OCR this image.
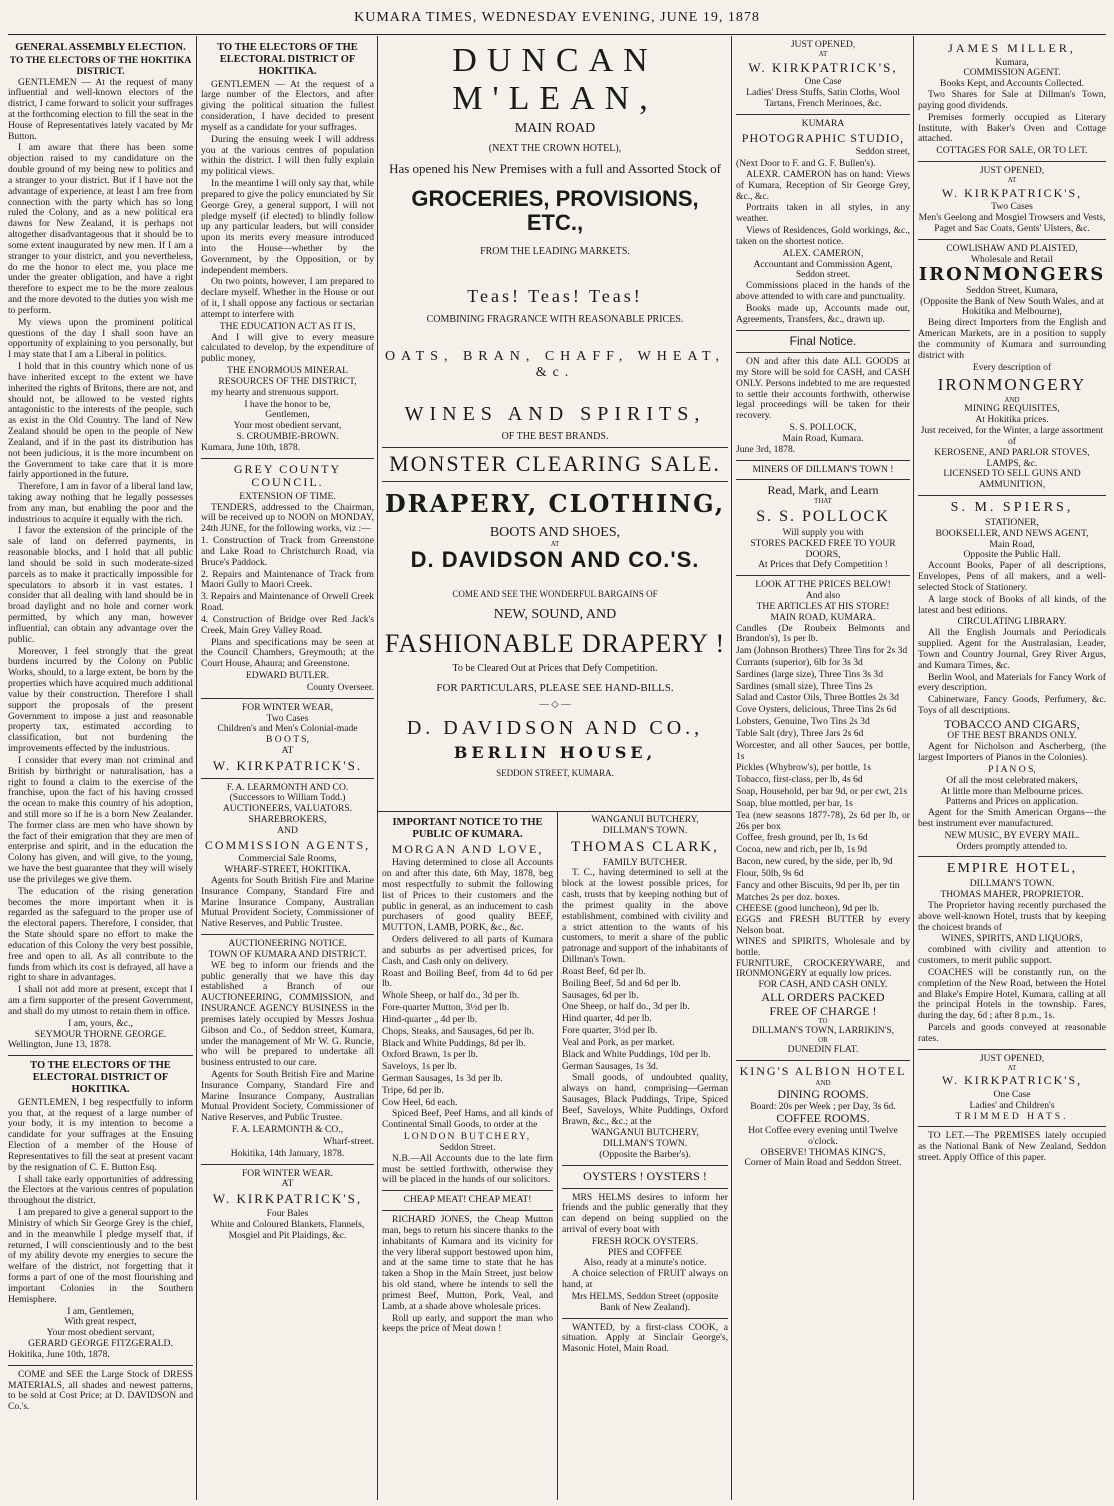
KUMARA TIMES, WEDNESDAY EVENING, JUNE 19, 1878
GENERAL ASSEMBLY ELECTION.
TO THE ELECTORS OF THE HOKITIKA DISTRICT.
GENTLEMEN — At the request of many influential and well-known electors of the district, I came forward to solicit your suffrages at the forthcoming election to fill the seat in the House of Representatives lately vacated by Mr Button.
I am aware that there has been some objection raised to my candidature on the double ground of my being new to politics and a stranger to your district. But if I have not the advantage of experience, at least I am free from connection with the party which has so long ruled the Colony, and as a new political era dawns for New Zealand, it is perhaps not altogether disadvantageous that it should be to some extent inaugurated by new men. If I am a stranger to your district, and you nevertheless, do me the honor to elect me, you place me under the greater obligation, and have a right therefore to expect me to be the more zealous and the more devoted to the duties you wish me to perform.
My views upon the prominent political questions of the day I shall soon have an opportunity of explaining to you personally, but I may state that I am a Liberal in politics.
I hold that in this country which none of us have inherited except to the extent we have inherited the rights of Britons, there are not, and should not, be allowed to be vested rights antagonistic to the interests of the people, such as exist in the Old Country. The land of New Zealand should be open to the people of New Zealand, and if in the past its distribution has not been judicious, it is the more incumbent on the Government to take care that it is more fairly apportioned in the future.
Therefore, I am in favor of a liberal land law, taking away nothing that he legally possesses from any man, but enabling the poor and the industrious to acquire it equally with the rich.
I favor the extension of the principle of the sale of land on deferred payments, in reasonable blocks, and I hold that all public land should be sold in such moderate-sized parcels as to make it practically impossible for speculators to absorb it in vast estates. I consider that all dealing with land should be in broad daylight and no hole and corner work permitted, by which any man, however influential, can obtain any advantage over the public.
Moreover, I feel strongly that the great burdens incurred by the Colony on Public Works, should, to a large extent, be born by the properties which have acquired much additional value by their construction. Therefore I shall support the proposals of the present Government to impose a just and reasonable property tax, estimated according to classification, but not burdening the improvements effected by the industrious.
I consider that every man not criminal and British by birthright or naturalisation, has a right to found a claim to the exercise of the franchise, upon the fact of his having crossed the ocean to make this country of his adoption, and still more so if he is a born New Zealander. The former class are men who have shown by the fact of their emigration that they are men of enterprise and spirit, and in the education the Colony has given, and will give, to the young, we have the best guarantee that they will wisely use the privileges we give them.
The education of the rising generation becomes the more important when it is regarded as the safeguard to the proper use of the electoral papers. Therefore, I consider, that the State should spare no effort to make the education of this Colony the very best possible, free and open to all. As all contribute to the funds from which its cost is defrayed, all have a right to share in advantages.
I shall not add more at present, except that I am a firm supporter of the present Government, and shall do my utmost to retain them in office.
I am, yours, &c.,
SEYMOUR THORNE GEORGE.
Wellington, June 13, 1878.
TO THE ELECTORS OF THE ELECTORAL DISTRICT OF HOKITIKA.
GENTLEMEN, I beg respectfully to inform you that, at the request of a large number of your body, it is my intention to become a candidate for your suffrages at the Ensuing Election of a member of the House of Representatives to fill the seat at present vacant by the resignation of C. E. Button Esq.
I shall take early opportunities of addressing the Electors at the various centres of population throughout the district.
I am prepared to give a general support to the Ministry of which Sir George Grey is the chief, and in the meanwhile I pledge myself that, if returned, I will conscientiously and to the best of my ability devote my energies to secure the welfare of the district, not forgetting that it forms a part of one of the most flourishing and important Colonies in the Southern Hemisphere.
I am, Gentlemen,
With great respect,
Your most obedient servant,
GERARD GEORGE FITZGERALD.
Hokitika, June 10th, 1878.
COME and SEE the Large Stock of DRESS MATERIALS, all shades and newest patterns, to be sold at Cost Price; at D. DAVIDSON and Co.'s.
TO THE ELECTORS OF THE ELECTORAL DISTRICT OF HOKITIKA.
GENTLEMEN — At the request of a large number of the Electors, and after giving the political situation the fullest consideration, I have decided to present myself as a candidate for your suffrages.
During the ensuing week I will address you at the various centres of population within the district. I will then fully explain my political views.
In the meantime I will only say that, while prepared to give the policy enunciated by Sir George Grey, a general support, I will not pledge myself (if elected) to blindly follow up any particular leaders, but will consider upon its merits every measure introduced into the House—whether by the Government, by the Opposition, or by independent members.
On two points, however, I am prepared to declare myself. Whether in the House or out of it, I shall oppose any factious or sectarian attempt to interfere with
THE EDUCATION ACT AS IT IS,
And I will give to every measure calculated to develop, by the expenditure of public money,
THE ENORMOUS MINERAL RESOURCES OF THE DISTRICT,
my hearty and strenuous support.
I have the honor to be,
Gentlemen,
Your most obedient servant,
S. CROUMBIE-BROWN.
Kumara, June 10th, 1878.
GREY COUNTY COUNCIL.
EXTENSION OF TIME.
TENDERS, addressed to the Chairman, will be received up to NOON on MONDAY, 24th JUNE, for the following works, viz :—
1. Construction of Track from Greenstone and Lake Road to Christchurch Road, via Bruce's Paddock.
2. Repairs and Maintenance of Track from Maori Gully to Maori Creek.
3. Repairs and Maintenance of Orwell Creek Road.
4. Construction of Bridge over Red Jack's Creek, Main Grey Valley Road.
Plans and specifications may be seen at the Council Chambers, Greymouth; at the Court House, Ahaura; and Greenstone.
EDWARD BUTLER.
County Overseer.
FOR WINTER WEAR,
Two Cases
Children's and Men's Colonial-made
B O O T S,
AT
W. KIRKPATRICK'S.
F. A. LEARMONTH AND CO.
(Successors to William Todd.)
AUCTIONEERS, VALUATORS. SHAREBROKERS,
AND
COMMISSION AGENTS,
Commercial Sale Rooms,
WHARF-STREET, HOKITIKA.
Agents for South British Fire and Marine Insurance Company, Standard Fire and Marine Insurance Company, Australian Mutual Provident Society, Commissioner of Native Reserves, and Public Trustee.
AUCTIONEERING NOTICE.
TOWN OF KUMARA AND DISTRICT.
WE beg to inform our friends and the public generally that we have this day established a Branch of our AUCTIONEERING, COMMISSION, and INSURANCE AGENCY BUSINESS in the premises lately occupied by Messrs Joshua Gibson and Co., of Seddon street, Kumara, under the management of Mr W. G. Runcie, who will be prepared to undertake all business entrusted to our care.
Agents for South British Fire and Marine Insurance Company, Standard Fire and Marine Insurance Company, Australian Mutual Provident Society, Commissioner of Native Reserves, and Public Trustee.
F. A. LEARMONTH & CO.,
Wharf-street.
Hokitika, 14th January, 1878.
FOR WINTER WEAR.
AT
W. KIRKPATRICK'S,
Four Bales
White and Coloured Blankets, Flannels, Mosgiel and Pit Plaidings, &c.
DUNCAN M'LEAN,
MAIN ROAD
(NEXT THE CROWN HOTEL),
Has opened his New Premises with a full and Assorted Stock of
GROCERIES, PROVISIONS, ETC.,
FROM THE LEADING MARKETS.
Teas! Teas! Teas!
COMBINING FRAGRANCE WITH REASONABLE PRICES.
OATS, BRAN, CHAFF, WHEAT, &c.
WINES AND SPIRITS,
OF THE BEST BRANDS.
MONSTER CLEARING SALE.
DRAPERY, CLOTHING,
BOOTS AND SHOES,
AT
D. DAVIDSON AND CO.'S.
COME AND SEE THE WONDERFUL BARGAINS OF
NEW, SOUND, AND
FASHIONABLE DRAPERY !
To be Cleared Out at Prices that Defy Competition.
FOR PARTICULARS, PLEASE SEE HAND-BILLS.
— ◇ —
D. DAVIDSON AND CO.,
BERLIN HOUSE,
SEDDON STREET, KUMARA.
IMPORTANT NOTICE TO THE PUBLIC OF KUMARA.
MORGAN AND LOVE,
Having determined to close all Accounts on and after this date, 6th May, 1878, beg most respectfully to submit the following list of Prices to their customers and the public in general, as an inducement to cash purchasers of good quality BEEF, MUTTON, LAMB, PORK, &c., &c.
Orders delivered to all parts of Kumara and suburbs as per advertised prices, for Cash, and Cash only on delivery.
Roast and Boiling Beef, from 4d to 6d per lb.
Whole Sheep, or half do., 3d per lb.
Fore-quarter Mutton, 3½d per lb.
Hind-quarter „ 4d per lb.
Chops, Steaks, and Sausages, 6d per lb.
Black and White Puddings, 8d per lb.
Oxford Brawn, 1s per lb.
Saveloys, 1s per lb.
German Sausages, 1s 3d per lb.
Tripe, 6d per lb.
Cow Heel, 6d each.
Spiced Beef, Peef Hams, and all kinds of Continental Small Goods, to order at the
LONDON BUTCHERY,
Seddon Street.
N.B.—All Accounts due to the late firm must be settled forthwith, otherwise they will be placed in the hands of our solicitors.
CHEAP MEAT! CHEAP MEAT!
RICHARD JONES, the Cheap Mutton man, begs to return his sincere thanks to the inhabitants of Kumara and its vicinity for the very liberal support bestowed upon him, and at the same time to state that he has taken a Shop in the Main Street, just below his old stand, where he intends to sell the primest Beef, Mutton, Pork, Veal, and Lamb, at a shade above wholesale prices.
Roll up early, and support the man who keeps the price of Meat down !
WANGANUI BUTCHERY,
DILLMAN'S TOWN.
THOMAS CLARK,
FAMILY BUTCHER.
T. C., having determined to sell at the block at the lowest possible prices, for cash, trusts that by keeping nothing but of the primest quality in the above establishment, combined with civility and a strict attention to the wants of his customers, to merit a share of the public patronage and support of the inhabitants of Dillman's Town.
Roast Beef, 6d per lb.
Boiling Beef, 5d and 6d per lb.
Sausages, 6d per lb.
One Sheep, or half do., 3d per lb.
Hind quarter, 4d per lb.
Fore quarter, 3½d per lb.
Veal and Pork, as per market.
Black and White Puddings, 10d per lb.
German Sausages, 1s 3d.
Small goods, of undoubted quality, always on hand, comprising—German Sausages, Black Puddings, Tripe, Spiced Beef, Saveloys, White Puddings, Oxford Brawn, &c., &c.; at the
WANGANUI BUTCHERY,
DILLMAN'S TOWN.
(Opposite the Barber's).
OYSTERS ! OYSTERS !
MRS HELMS desires to inform her friends and the public generally that they can depend on being supplied on the arrival of every boat with
FRESH ROCK OYSTERS.
PIES and COFFEE
Also, ready at a minute's notice.
A choice selection of FRUIT always on hand, at
Mrs HELMS, Seddon Street (opposite Bank of New Zealand).
WANTED, by a first-class COOK, a situation. Apply at Sinclair George's, Masonic Hotel, Main Road.
JUST OPENED,
AT
W. KIRKPATRICK'S,
One Case
Ladies' Dress Stuffs, Satin Cloths, Wool Tartans, French Merinoes, &c.
KUMARA
PHOTOGRAPHIC STUDIO,
Seddon street,
(Next Door to F. and G. F. Bullen's).
ALEXR. CAMERON has on hand: Views of Kumara, Reception of Sir George Grey, &c., &c.
Portraits taken in all styles, in any weather.
Views of Residences, Gold workings, &c., taken on the shortest notice.
ALEX. CAMERON,
Accountant and Commission Agent,
Seddon street.
Commissions placed in the hands of the above attended to with care and punctuality.
Books made up, Accounts made out, Agreements, Transfers, &c., drawn up.
Final Notice.
ON and after this date ALL GOODS at my Store will be sold for CASH, and CASH ONLY. Persons indebted to me are requested to settle their accounts forthwith, otherwise legal proceedings will be taken for their recovery.
S. S. POLLOCK,
Main Road, Kumara.
June 3rd, 1878.
MINERS OF DILLMAN'S TOWN !
Read, Mark, and Learn
THAT
S. S. POLLOCK
Will supply you with
STORES PACKED FREE TO YOUR DOORS,
At Prices that Defy Competition !
LOOK AT THE PRICES BELOW!
And also
THE ARTICLES AT HIS STORE!
MAIN ROAD, KUMARA.
Candles (De Roubeix Belmonts and Brandon's), 1s per lb.
Jam (Johnson Brothers) Three Tins for 2s 3d
Currants (superior), 6lb for 3s 3d
Sardines (large size), Three Tins 3s 3d
Sardines (small size), Three Tins 2s
Salad and Castor Oils, Three Bottles 2s 3d
Cove Oysters, delicious, Three Tins 2s 6d
Lobsters, Genuine, Two Tins 2s 3d
Table Salt (dry), Three Jars 2s 6d
Worcester, and all other Sauces, per bottle, 1s
Pickles (Whybrow's), per bottle, 1s
Tobacco, first-class, per lb, 4s 6d
Soap, Household, per bar 9d, or per cwt, 21s
Soap, blue mottled, per bar, 1s
Tea (new seasons 1877-78), 2s 6d per lb, or 26s per box
Coffee, fresh ground, per lb, 1s 6d
Cocoa, new and rich, per lb, 1s 9d
Bacon, new cured, by the side, per lb, 9d
Flour, 50lb, 9s 6d
Fancy and other Biscuits, 9d per lb, per tin
Matches 2s per doz. boxes.
CHEESE (good luncheon), 9d per lb.
EGGS and FRESH BUTTER by every Nelson boat.
WINES and SPIRITS, Wholesale and by bottle.
FURNITURE, CROCKERYWARE, and IRONMONGERY at equally low prices.
FOR CASH, AND CASH ONLY.
ALL ORDERS PACKED
FREE OF CHARGE !
TO
DILLMAN'S TOWN, LARRIKIN'S,
OR
DUNEDIN FLAT.
KING'S ALBION HOTEL
AND
DINING ROOMS.
Board: 20s per Week ; per Day, 3s 6d.
COFFEE ROOMS.
Hot Coffee every evening until Twelve o'clock.
OBSERVE! THOMAS KING'S,
Corner of Main Road and Seddon Street.
JAMES MILLER,
Kumara,
COMMISSION AGENT.
Books Kept, and Accounts Collected.
Two Shares for Sale at Dillman's Town, paying good dividends.
Premises formerly occupied as Literary Institute, with Baker's Oven and Cottage attached.
COTTAGES FOR SALE, OR TO LET.
JUST OPENED,
AT
W. KIRKPATRICK'S,
Two Cases
Men's Geelong and Mosgiel Trowsers and Vests, Paget and Sac Coats, Gents' Ulsters, &c.
COWLISHAW AND PLAISTED,
Wholesale and Retail
IRONMONGERS
Seddon Street, Kumara,
(Opposite the Bank of New South Wales, and at Hokitika and Melbourne),
Being direct Importers from the English and American Markets, are in a position to supply the community of Kumara and surrounding district with
Every description of
IRONMONGERY
AND
MINING REQUISITES,
At Hokitika prices.
Just received, for the Winter, a large assortment of
KEROSENE, AND PARLOR STOVES, LAMPS, &c.
LICENSED TO SELL GUNS AND AMMUNITION,
S. M. SPIERS,
STATIONER,
BOOKSELLER, AND NEWS AGENT,
Main Road,
Opposite the Public Hall.
Account Books, Paper of all descriptions, Envelopes, Pens of all makers, and a well-selected Stock of Stationery.
A large stock of Books of all kinds, of the latest and best editions.
CIRCULATING LIBRARY.
All the English Journals and Periodicals supplied. Agent for the Australasian, Leader, Town and Country Journal, Grey River Argus, and Kumara Times, &c.
Berlin Wool, and Materials for Fancy Work of every description.
Cabinetware, Fancy Goods, Perfumery, &c. Toys of all descriptions.
TOBACCO AND CIGARS,
OF THE BEST BRANDS ONLY.
Agent for Nicholson and Ascherberg, (the largest Importers of Pianos in the Colonies).
P I A N O S,
Of all the most celebrated makers,
At little more than Melbourne prices.
Patterns and Prices on application.
Agent for the Smith American Organs—the best instrument ever manufactured.
NEW MUSIC, BY EVERY MAIL.
Orders promptly attended to.
EMPIRE HOTEL,
DILLMAN'S TOWN.
THOMAS MAHER, PROPRIETOR.
The Proprietor having recently purchased the above well-known Hotel, trusts that by keeping the choicest brands of
WINES, SPIRITS, AND LIQUORS,
combined with civility and attention to customers, to merit public support.
COACHES will be constantly run, on the completion of the New Road, between the Hotel and Blake's Empire Hotel, Kumara, calling at all the principal Hotels in the township. Fares, during the day, 6d ; after 8 p.m., 1s.
Parcels and goods conveyed at reasonable rates.
JUST OPENED,
AT
W. KIRKPATRICK'S,
One Case
Ladies' and Children's
TRIMMED HATS.
TO LET.—The PREMISES lately occupied as the National Bank of New Zealand, Seddon street. Apply Office of this paper.
